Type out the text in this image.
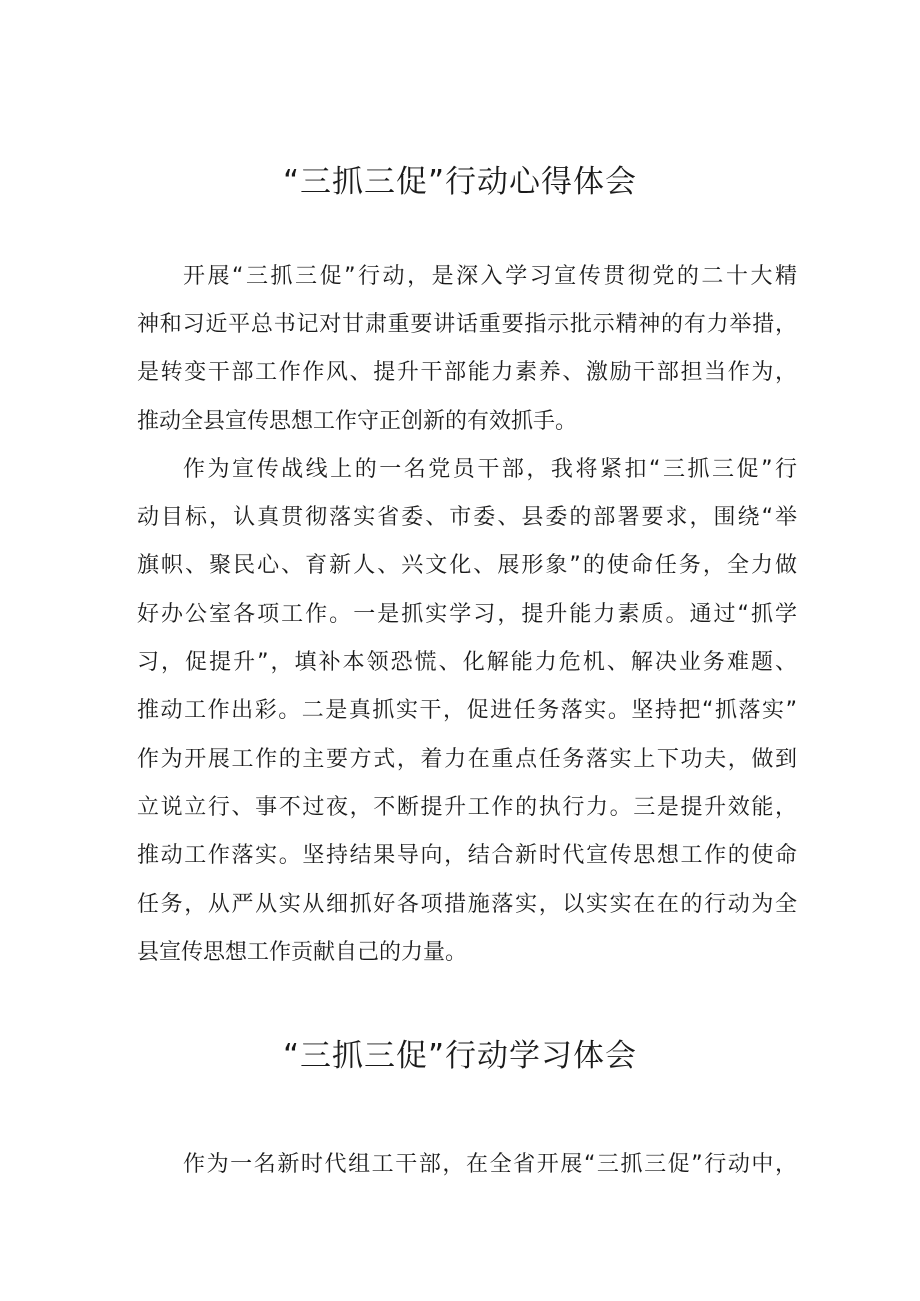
“三抓三促”行动心得体会
开展“三抓三促”行动，是深入学习宣传贯彻党的二十大精
神和习近平总书记对甘肃重要讲话重要指示批示精神的有力举措，
是转变干部工作作风、提升干部能力素养、激励干部担当作为，
推动全县宣传思想工作守正创新的有效抓手。
作为宣传战线上的一名党员干部，我将紧扣“三抓三促”行
动目标，认真贯彻落实省委、市委、县委的部署要求，围绕“举
旗帜、聚民心、育新人、兴文化、展形象”的使命任务，全力做
好办公室各项工作。一是抓实学习，提升能力素质。通过“抓学
习，促提升”，填补本领恐慌、化解能力危机、解决业务难题、
推动工作出彩。二是真抓实干，促进任务落实。坚持把“抓落实”
作为开展工作的主要方式，着力在重点任务落实上下功夫，做到
立说立行、事不过夜，不断提升工作的执行力。三是提升效能，
推动工作落实。坚持结果导向，结合新时代宣传思想工作的使命
任务，从严从实从细抓好各项措施落实，以实实在在的行动为全
县宣传思想工作贡献自己的力量。
“三抓三促”行动学习体会
作为一名新时代组工干部，在全省开展“三抓三促”行动中，
